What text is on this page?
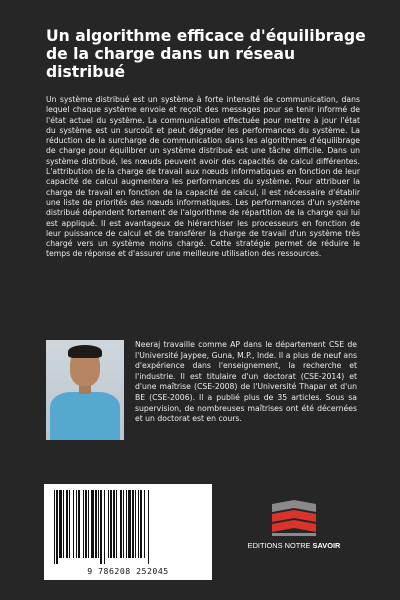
Un algorithme efficace d'équilibrage de la charge dans un réseau distribué

Un système distribué est un système à forte intensité de communication, dans lequel chaque système envoie et reçoit des messages pour se tenir informé de l'état actuel du système. La communication effectuée pour mettre à jour l'état du système est un surcoût et peut dégrader les performances du système. La réduction de la surcharge de communication dans les algorithmes d'équilibrage de charge pour équilibrer un système distribué est une tâche difficile. Dans un système distribué, les nœuds peuvent avoir des capacités de calcul différentes. L'attribution de la charge de travail aux nœuds informatiques en fonction de leur capacité de calcul augmentera les performances du système. Pour attribuer la charge de travail en fonction de la capacité de calcul, il est nécessaire d'établir une liste de priorités des nœuds informatiques. Les performances d'un système distribué dépendent fortement de l'algorithme de répartition de la charge qui lui est appliqué. Il est avantageux de hiérarchiser les processeurs en fonction de leur puissance de calcul et de transférer la charge de travail d'un système très chargé vers un système moins chargé. Cette stratégie permet de réduire le temps de réponse et d'assurer une meilleure utilisation des ressources.

Neeraj travaille comme AP dans le département CSE de l'Université Jaypee, Guna, M.P., Inde. Il a plus de neuf ans d'expérience dans l'enseignement, la recherche et l'industrie. Il est titulaire d'un doctorat (CSE-2014) et d'une maîtrise (CSE-2008) de l'Université Thapar et d'un BE (CSE-2006). Il a publié plus de 35 articles. Sous sa supervision, de nombreuses maîtrises ont été décernées et un doctorat est en cours.

9 786208 252045
EDITIONS NOTRE SAVOIR
